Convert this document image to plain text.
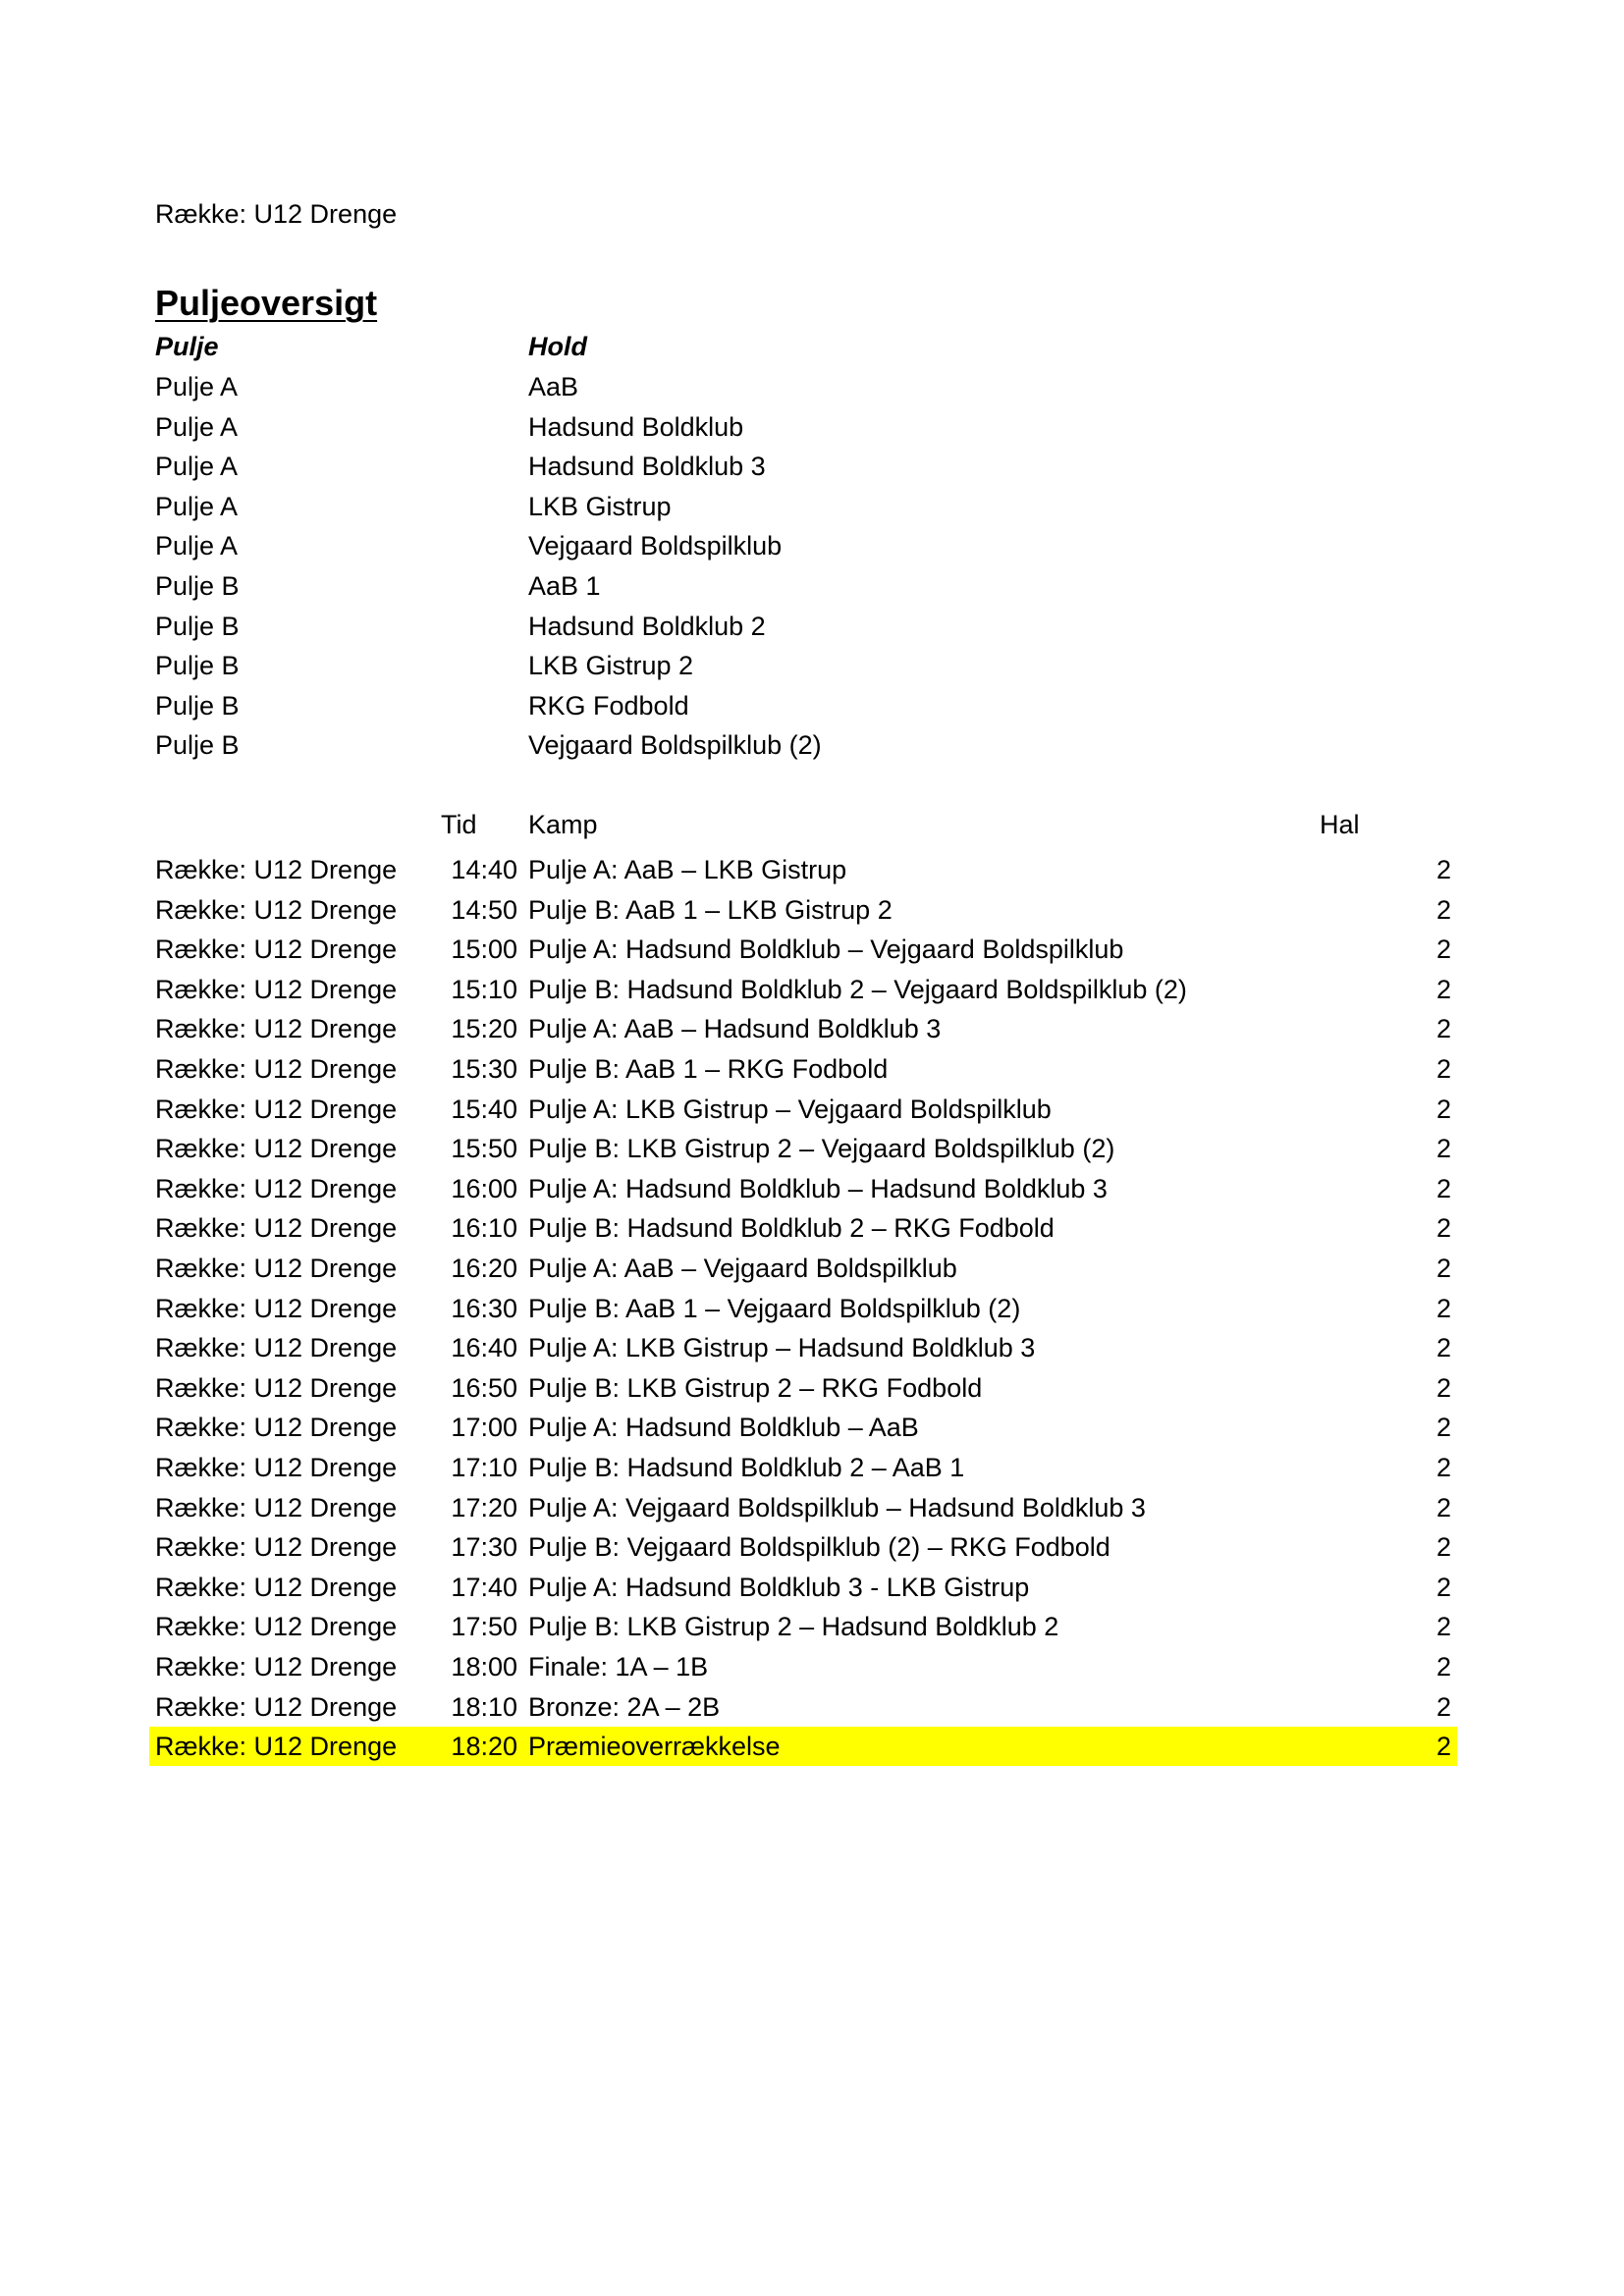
Række: U12 Drenge
Puljeoversigt
Pulje	Hold
Pulje A	AaB
Pulje A	Hadsund Boldklub
Pulje A	Hadsund Boldklub 3
Pulje A	LKB Gistrup
Pulje A	Vejgaard Boldspilklub
Pulje B	AaB 1
Pulje B	Hadsund Boldklub 2
Pulje B	LKB Gistrup 2
Pulje B	RKG Fodbold
Pulje B	Vejgaard Boldspilklub (2)
Tid Kamp	Hal
Række: U12 Drenge	14:40 Pulje A: AaB – LKB Gistrup	2
Række: U12 Drenge	14:50 Pulje B: AaB 1 – LKB Gistrup 2	2
Række: U12 Drenge	15:00 Pulje A: Hadsund Boldklub – Vejgaard Boldspilklub	2
Række: U12 Drenge	15:10 Pulje B: Hadsund Boldklub 2 – Vejgaard Boldspilklub (2)	2
Række: U12 Drenge	15:20 Pulje A: AaB – Hadsund Boldklub 3	2
Række: U12 Drenge	15:30 Pulje B: AaB 1 – RKG Fodbold	2
Række: U12 Drenge	15:40 Pulje A: LKB Gistrup – Vejgaard Boldspilklub	2
Række: U12 Drenge	15:50 Pulje B: LKB Gistrup 2 – Vejgaard Boldspilklub (2)	2
Række: U12 Drenge	16:00 Pulje A: Hadsund Boldklub – Hadsund Boldklub 3	2
Række: U12 Drenge	16:10 Pulje B: Hadsund Boldklub 2 – RKG Fodbold	2
Række: U12 Drenge	16:20 Pulje A: AaB – Vejgaard Boldspilklub	2
Række: U12 Drenge	16:30 Pulje B: AaB 1 – Vejgaard Boldspilklub (2)	2
Række: U12 Drenge	16:40 Pulje A: LKB Gistrup – Hadsund Boldklub 3	2
Række: U12 Drenge	16:50 Pulje B: LKB Gistrup 2 – RKG Fodbold	2
Række: U12 Drenge	17:00 Pulje A: Hadsund Boldklub – AaB	2
Række: U12 Drenge	17:10 Pulje B: Hadsund Boldklub 2 – AaB 1	2
Række: U12 Drenge	17:20 Pulje A: Vejgaard Boldspilklub – Hadsund Boldklub 3	2
Række: U12 Drenge	17:30 Pulje B: Vejgaard Boldspilklub (2) – RKG Fodbold	2
Række: U12 Drenge	17:40 Pulje A: Hadsund Boldklub 3 - LKB Gistrup	2
Række: U12 Drenge	17:50 Pulje B: LKB Gistrup 2 – Hadsund Boldklub 2	2
Række: U12 Drenge	18:00 Finale: 1A – 1B	2
Række: U12 Drenge	18:10 Bronze: 2A – 2B	2
Række: U12 Drenge	18:20 Præmieoverrækkelse	2
